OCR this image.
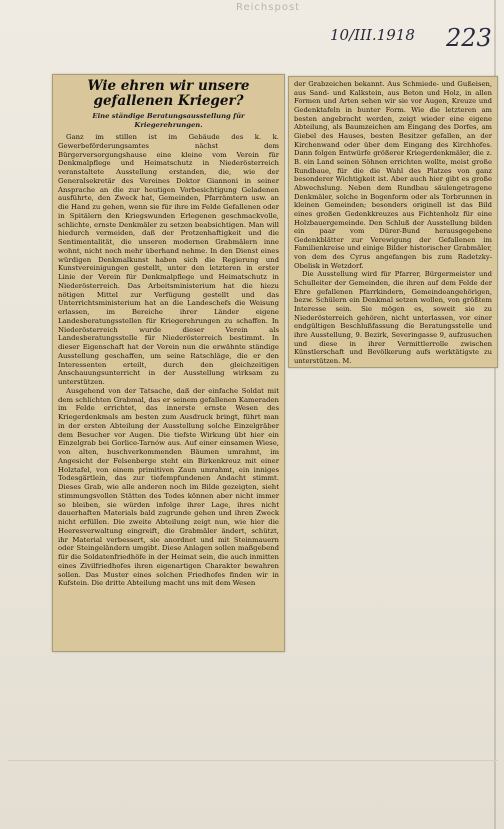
Reichspost
10/III.1918 223
Wie ehren wir unsere gefallenen Krieger?
Eine ständige Beratungsausstellung für Kriegerehrungen.

Ganz im stillen ist im Gebäude des k. k. Gewerbeförderungsamtes nächst dem Bürgerversorgungshause eine kleine vom Verein für Denkmalpflege und Heimatschutz in Niederösterreich veranstaltete Ausstellung erstanden, die, wie der Generalsekretär des Vereines Doktor Giannoni in seiner Ansprache an die zur heutigen Vorbesichtigung Geladenen ausführte, den Zweck hat, Gemeinden, Pfarrämtern usw. an die Hand zu gehen, wenn sie für ihre im Felde Gefallenen oder in Spitälern den Kriegswunden Erlegenen geschmackvolle, schlichte, ernste Denkmäler zu setzen beabsichtigen. Man will hiedurch vermeiden, daß der Protzenhaftigkeit und die Sentimentalität, die unseren modernen Grabmälern inne wohnt, nicht noch mehr überhand nehme. In den Dienst eines würdigen Denkmalkunst haben sich die Regierung und Kunstvereinigungen gestellt, unter den letzteren in erster Linie der Verein für Denkmalpflege und Heimatschutz in Niederösterreich. Das Arbeitsministerium hat die hiezu nötigen Mittel zur Verfügung gestellt und das Unterrichtsministerium hat an die Landeschefs die Weisung erlassen, im Bereiche ihrer Länder eigene Landesberatungsstellen für Kriegerehrungen zu schaffen. In Niederösterreich wurde dieser Verein als Landesberatungsstelle für Niederösterreich bestimmt. In dieser Eigenschaft hat der Verein nun die erwähnte ständige Ausstellung geschaffen, um seine Ratschläge, die er den Interessenten erteilt, durch den gleichzeitigen Anschauungsunterricht in der Ausstellung wirksam zu unterstützen.

Ausgehend von der Tatsache, daß der einfache Soldat mit dem schlichten Grabmal, das er seinem gefallenen Kameraden im Felde errichtet, das innerste ernste Wesen des Kriegerdenkmals am besten zum Ausdruck bringt, führt man in der ersten Abteilung der Ausstellung solche Einzelgräber dem Besucher vor Augen. Die tiefste Wirkung übt hier ein Einzelgrab bei Gorlice-Tarnów aus. Auf einer einsamen Wiese, von alten, buschverkommenden Bäumen umrahmt, im Angesicht der Felsenberge steht ein Birkenkreuz mit einer Holztafel, von einem primitiven Zaun umrahmt, ein inniges Todesgärtlein, das zur tiefempfundenen Andacht stimmt. Dieses Grab, wie alle anderen noch im Bilde gezeigten, sieht stimmungsvollen Stätten des Todes können aber nicht immer so bleiben, sie würden infolge ihrer Lage, ihres nicht dauerhaften Materials bald zugrunde gehen und ihren Zweck nicht erfüllen. Die zweite Abteilung zeigt nun, wie hier die Heeresverwaltung eingreift, die Grabmäler ändert, schützt, ihr Material verbessert, sie anordnet und mit Steinmauern oder Steingeländern umgibt. Diese Anlagen sollen maßgebend für die Soldatenfriedhöfe in der Heimat sein, die auch inmitten eines Zivilfriedhofes ihren eigenartigen Charakter bewahren sollen. Das Muster eines solchen Friedhofes finden wir in Kufstein. Die dritte Abteilung macht uns mit dem Wesen

der Grabzeichen bekannt. Aus Schmiede- und Gußeisen, aus Sand- und Kalkstein, aus Beton und Holz, in allen Formen und Arten sehen wir sie vor Augen, Kreuze und Gedenktafeln in bunter Form. Wie die letzteren am besten angebracht werden, zeigt wieder eine eigene Abteilung, als Baumzeichen am Eingang des Dorfes, am Giebel des Hauses, besten Besitzer gefallen, an der Kirchenwand oder über dem Eingang des Kirchhofes. Dann folgen Entwürfe größerer Kriegerdenkmäler, die z. B. ein Land seinen Söhnen errichten wollte, meist große Rundbaue, für die die Wahl des Platzes von ganz besonderer Wichtigkeit ist. Aber auch hier gibt es große Abwechslung. Neben dem Rundbau säulengetragene Denkmäler, solche in Bogenform oder als Torbrunnen in kleinen Gemeinden; besonders originell ist das Bild eines großen Gedenkkreuzes aus Fichtenholz für eine Holzbauergemeinde. Den Schluß der Ausstellung bilden ein paar vom Dürer-Bund herausgegebene Gedenkblätter zur Verewigung der Gefallenen im Familienkreise und einige Bilder historischer Grabmäler, von dem des Cyrus angefangen bis zum Radetzky-Obelisk in Wetzdorf.

Die Ausstellung wird für Pfarrer, Bürgermeister und Schulleiter der Gemeinden, die ihren auf dem Felde der Ehre gefallenen Pfarrkindern, Gemeindeangehörigen, bezw. Schülern ein Denkmal setzen wollen, von größtem Interesse sein. Sie mögen es, soweit sie zu Niederösterreich gehören, nicht unterlassen, vor einer endgültigen Beschlußfassung die Beratungsstelle und ihre Ausstellung, 9. Bezirk, Severingasse 9, aufzusuchen und diese in ihrer Vermittlerrolle zwischen Künstlerschaft und Bevölkerung aufs werktätigste zu unterstützen. M.
